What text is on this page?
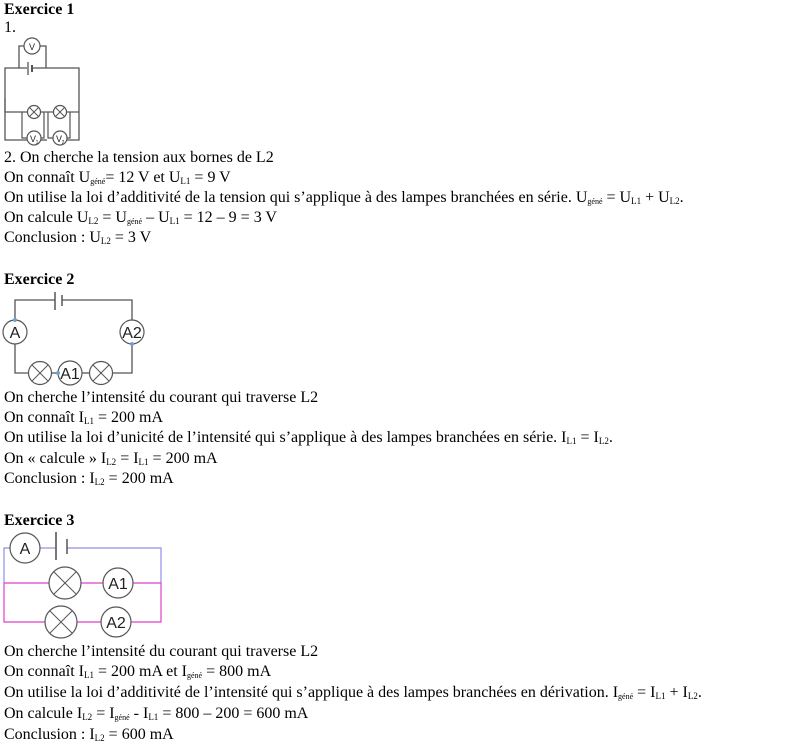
Exercice 1
1.
V
V 1 V 2
2. On cherche la tension aux bornes de L2
On connaît $U_{géné}= 12$ V et $U_{L1} = 9$ V
On utilise la loi d’additivité de la tension qui s’applique à des lampes branchées en série. $U_{géné} = U_{L1} + U_{L2}$.
On calcule $U_{L2} = U_{géné} - U_{L1} = 12 - 9 = 3$ V
Conclusion : $U_{L2} = 3$ V
Exercice 2
A	A2
A1
On cherche l’intensité du courant qui traverse L2
On connaît $I_{L1} = 200$ mA
On utilise la loi d’unicité de l’intensité qui s’applique à des lampes branchées en série. $I_{L1} = I_{L2}$.
On « calcule » $I_{L2} = I_{L1} = 200$ mA
Conclusion : $I_{L2} = 200$ mA
Exercice 3
A
A1
A2
On cherche l’intensité du courant qui traverse L2
On connaît $I_{L1} = 200$ mA et $I_{géné} = 800$ mA
On utilise la loi d’additivité de l’intensité qui s’applique à des lampes branchées en dérivation. $I_{géné} = I_{L1} + I_{L2}$.
On calcule $I_{L2} = I_{géné} - I_{L1} = 800 - 200 = 600$ mA
Conclusion : $I_{L2} = 600$ mA
